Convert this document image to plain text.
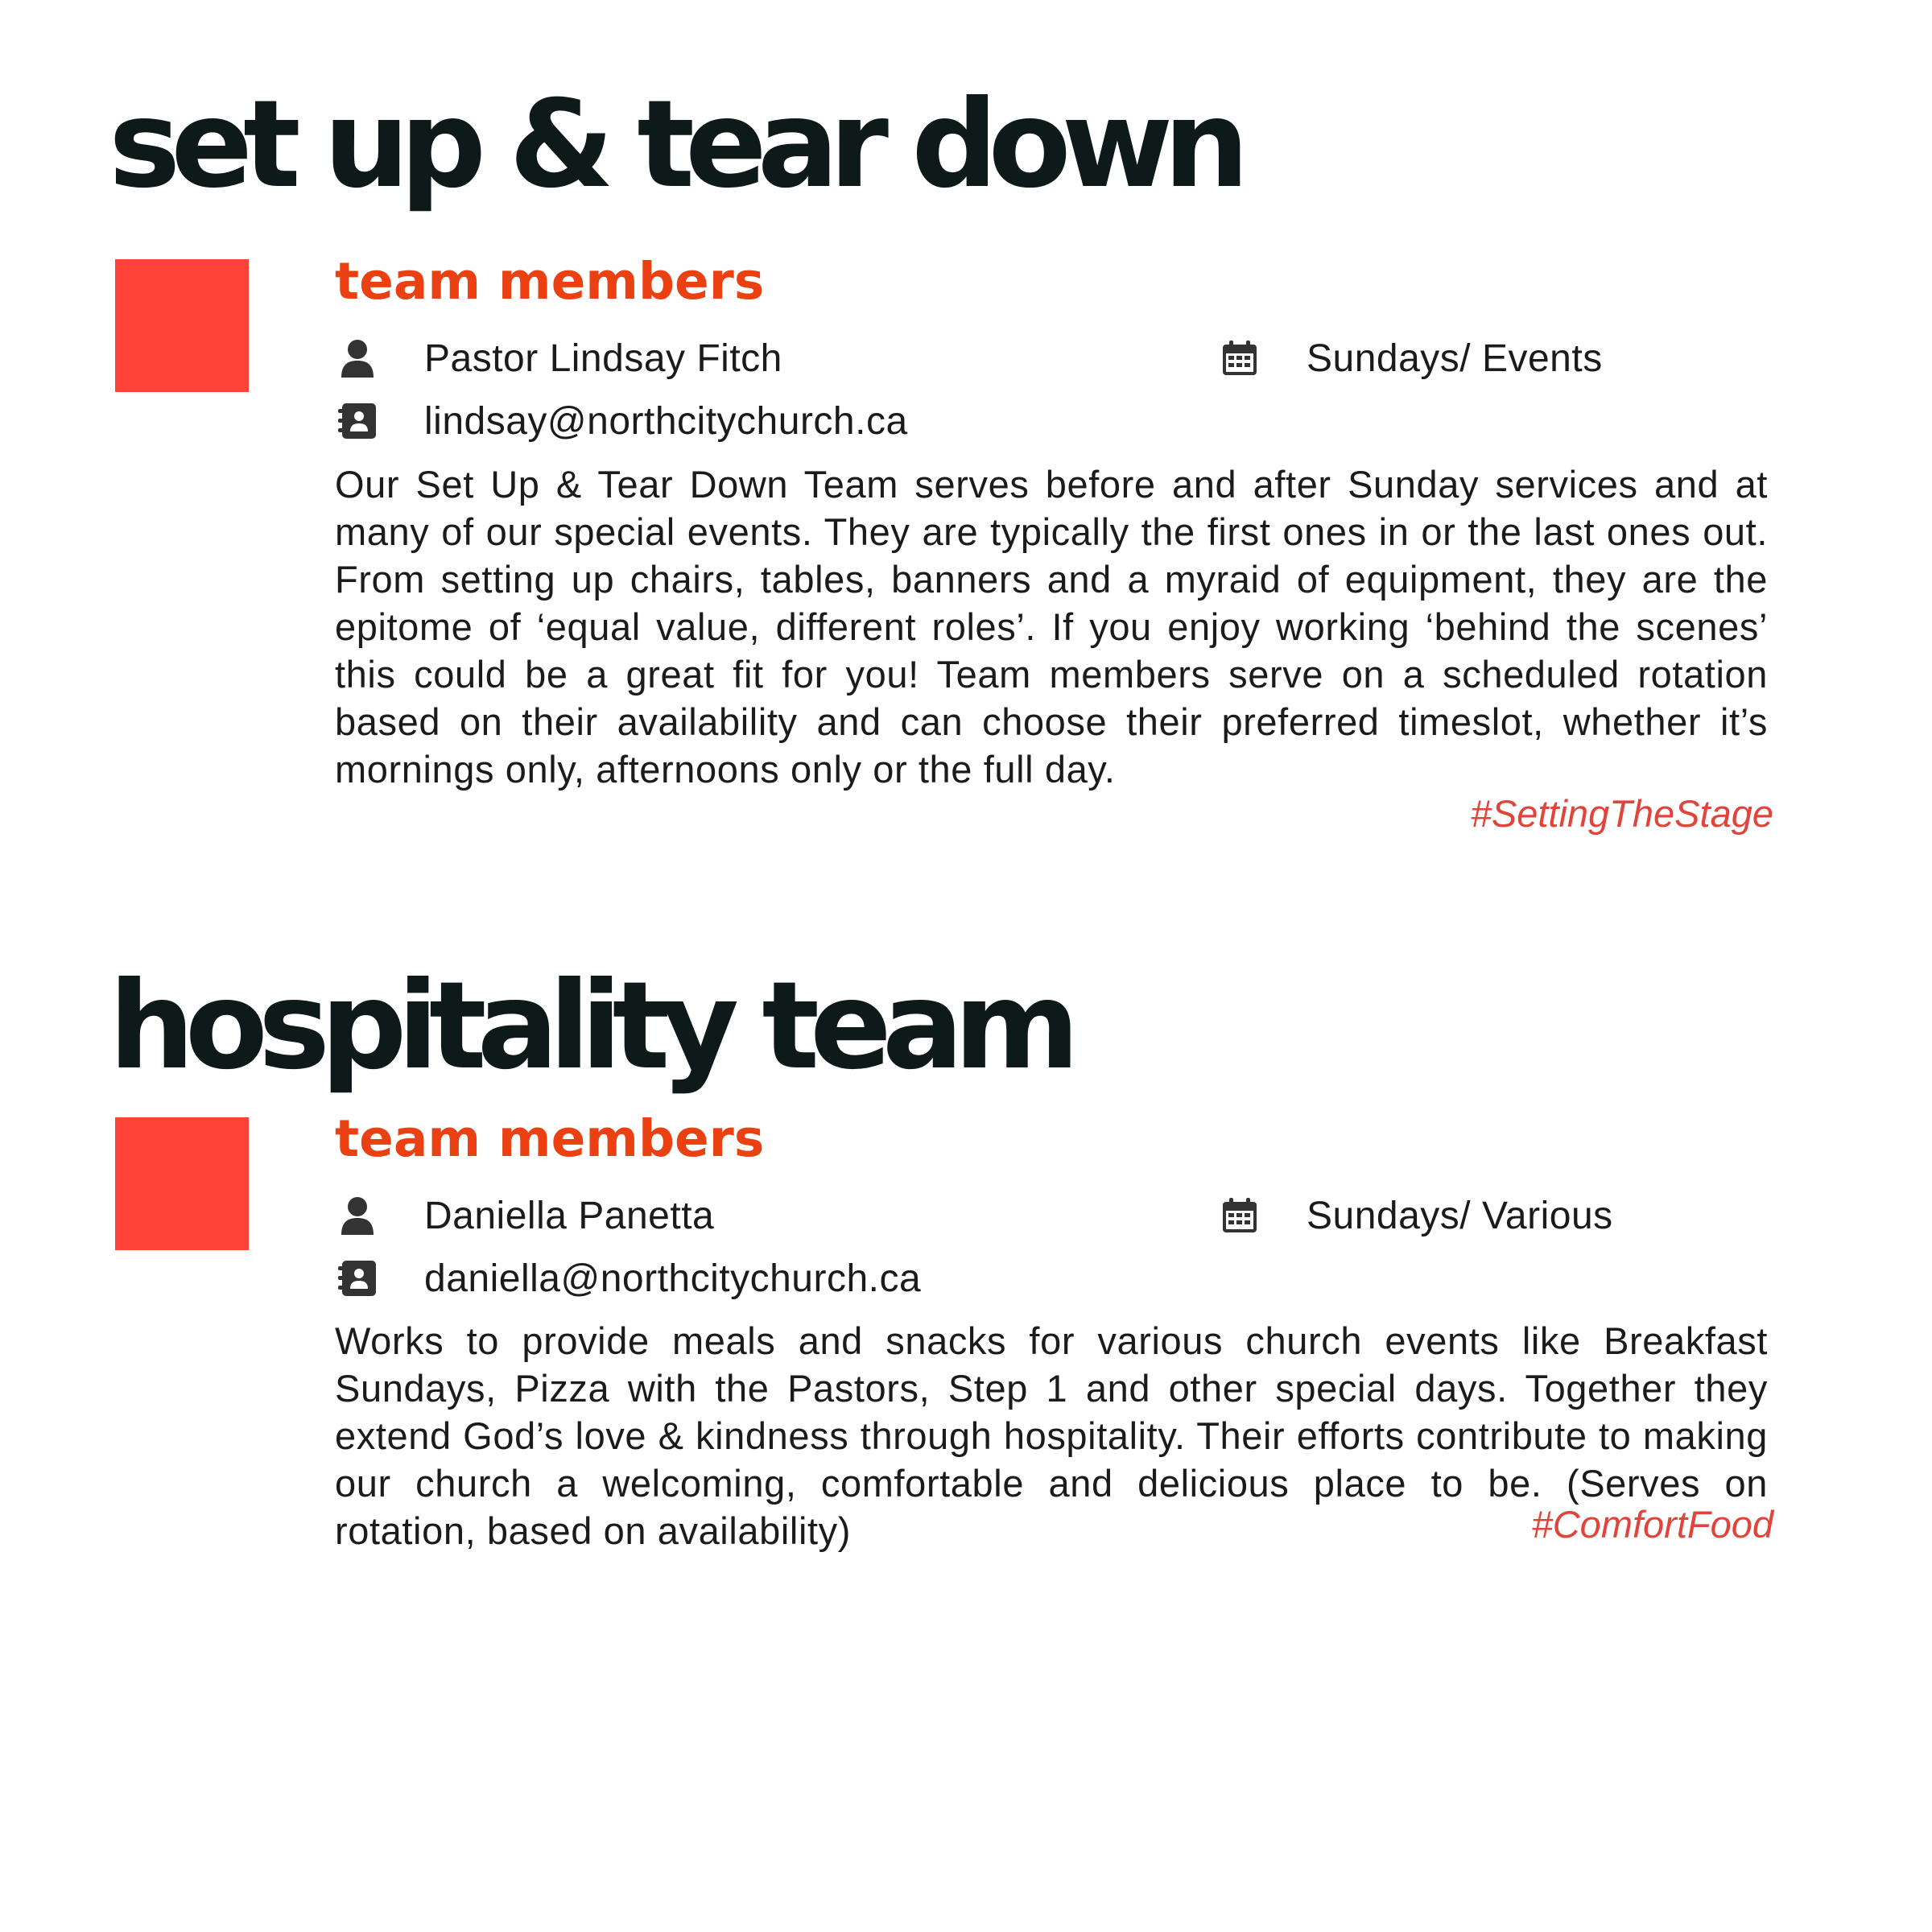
set up & tear down
team members
Pastor Lindsay Fitch	Sundays/ Events
lindsay@northcitychurch.ca

Our Set Up & Tear Down Team serves before and after Sunday services and at many of our special events. They are typically the first ones in or the last ones out. From setting up chairs, tables, banners and a myraid of equipment, they are the epitome of ‘equal value, different roles’. If you enjoy working ‘behind the scenes’ this could be a great fit for you! Team members serve on a scheduled rotation based on their availability and can choose their preferred timeslot, whether it’s mornings only, afternoons only or the full day.

#SettingTheStage
hospitality team
team members
Daniella Panetta	Sundays/ Various
daniella@northcitychurch.ca

Works to provide meals and snacks for various church events like Breakfast Sundays, Pizza with the Pastors, Step 1 and other special days. Together they extend God’s love & kindness through hospitality. Their efforts contribute to making our church a welcoming, comfortable and delicious place to be. (Serves on rotation, based on availability)	#ComfortFood
